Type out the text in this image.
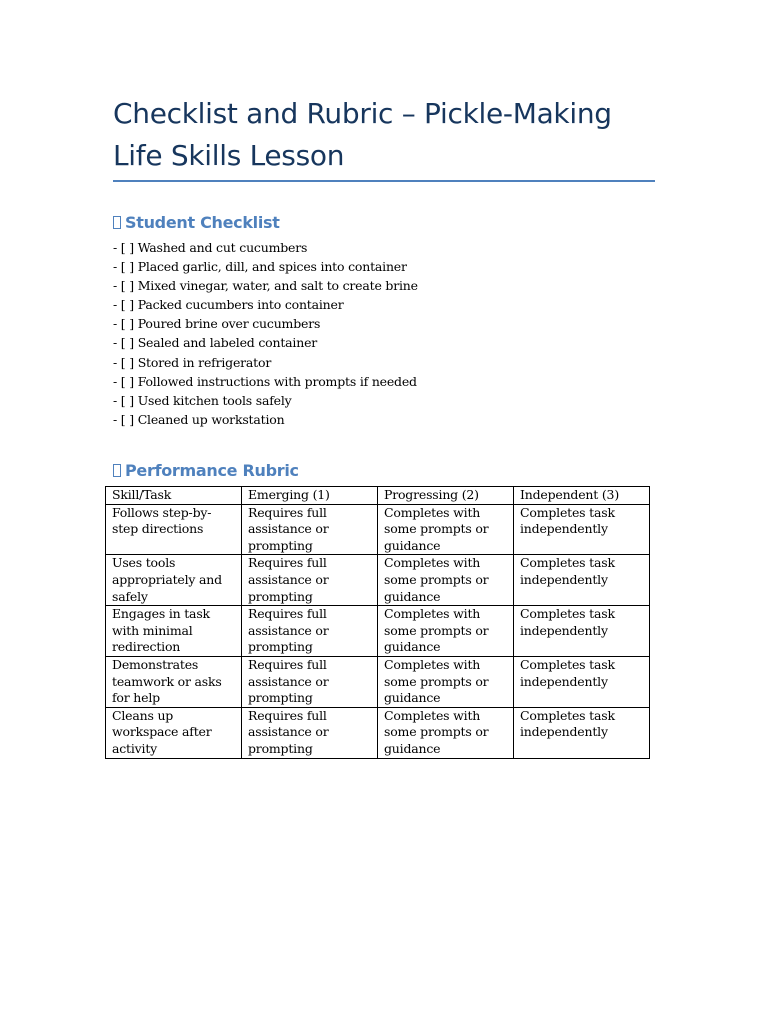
Checklist and Rubric – Pickle-Making Life Skills Lesson
Student Checklist
- [ ] Washed and cut cucumbers
- [ ] Placed garlic, dill, and spices into container
- [ ] Mixed vinegar, water, and salt to create brine
- [ ] Packed cucumbers into container
- [ ] Poured brine over cucumbers
- [ ] Sealed and labeled container
- [ ] Stored in refrigerator
- [ ] Followed instructions with prompts if needed
- [ ] Used kitchen tools safely
- [ ] Cleaned up workstation
Performance Rubric
Skill/Task	Emerging (1)	Progressing (2)	Independent (3)
Follows step-by-step directions	Requires full assistance or prompting	Completes with some prompts or guidance	Completes task independently
Uses tools appropriately and safely	Requires full assistance or prompting	Completes with some prompts or guidance	Completes task independently
Engages in task with minimal redirection	Requires full assistance or prompting	Completes with some prompts or guidance	Completes task independently
Demonstrates teamwork or asks for help	Requires full assistance or prompting	Completes with some prompts or guidance	Completes task independently
Cleans up workspace after activity	Requires full assistance or prompting	Completes with some prompts or guidance	Completes task independently
